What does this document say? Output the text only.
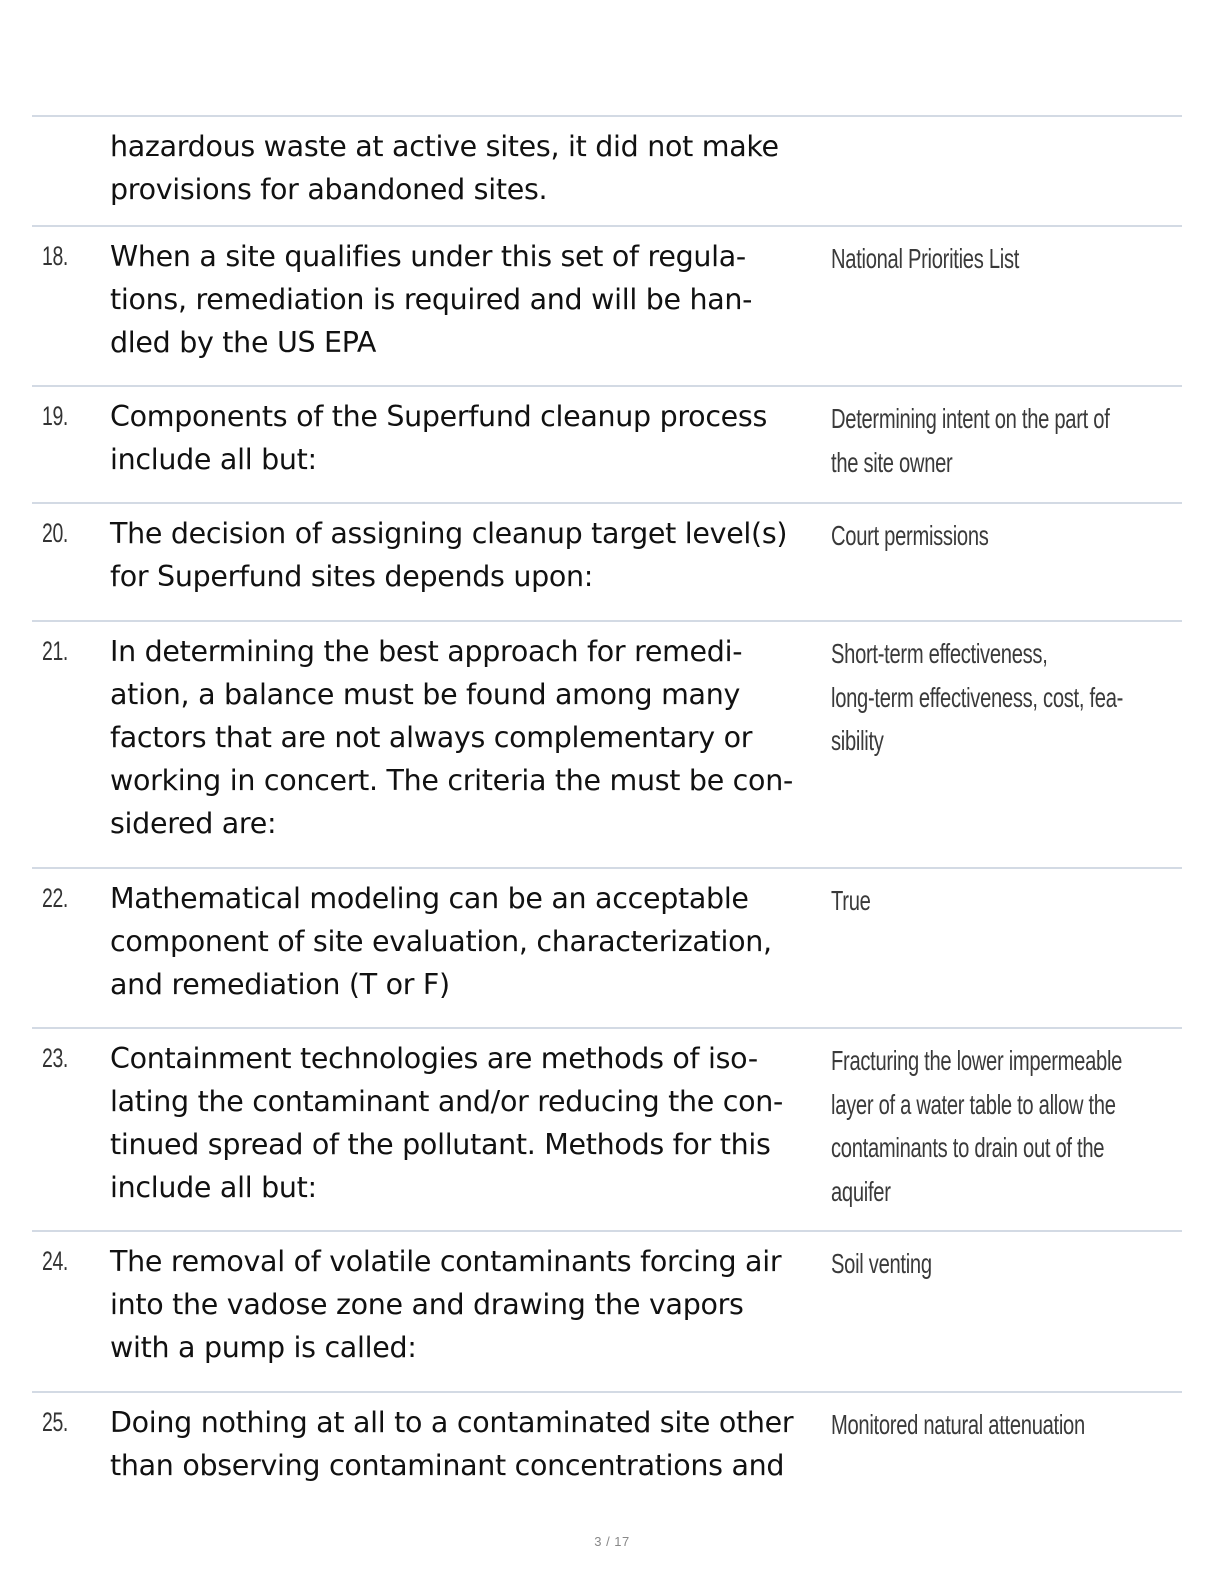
hazardous waste at active sites, it did not make
provisions for abandoned sites.
18. When a site qualifies under this set of regula-
tions, remediation is required and will be han-
dled by the US EPA
National Priorities List
19. Components of the Superfund cleanup process
include all but:
Determining intent on the part of
the site owner
20. The decision of assigning cleanup target level(s)
for Superfund sites depends upon:
Court permissions
21. In determining the best approach for remedi-
ation, a balance must be found among many
factors that are not always complementary or
working in concert. The criteria the must be con-
sidered are:
Short-term effectiveness,
long-term effectiveness, cost, fea-
sibility
22. Mathematical modeling can be an acceptable
component of site evaluation, characterization,
and remediation (T or F)
True
23. Containment technologies are methods of iso-
lating the contaminant and/or reducing the con-
tinued spread of the pollutant. Methods for this
include all but:
Fracturing the lower impermeable
layer of a water table to allow the
contaminants to drain out of the
aquifer
24. The removal of volatile contaminants forcing air
into the vadose zone and drawing the vapors
with a pump is called:
Soil venting
25. Doing nothing at all to a contaminated site other
than observing contaminant concentrations and
Monitored natural attenuation
3 / 17
